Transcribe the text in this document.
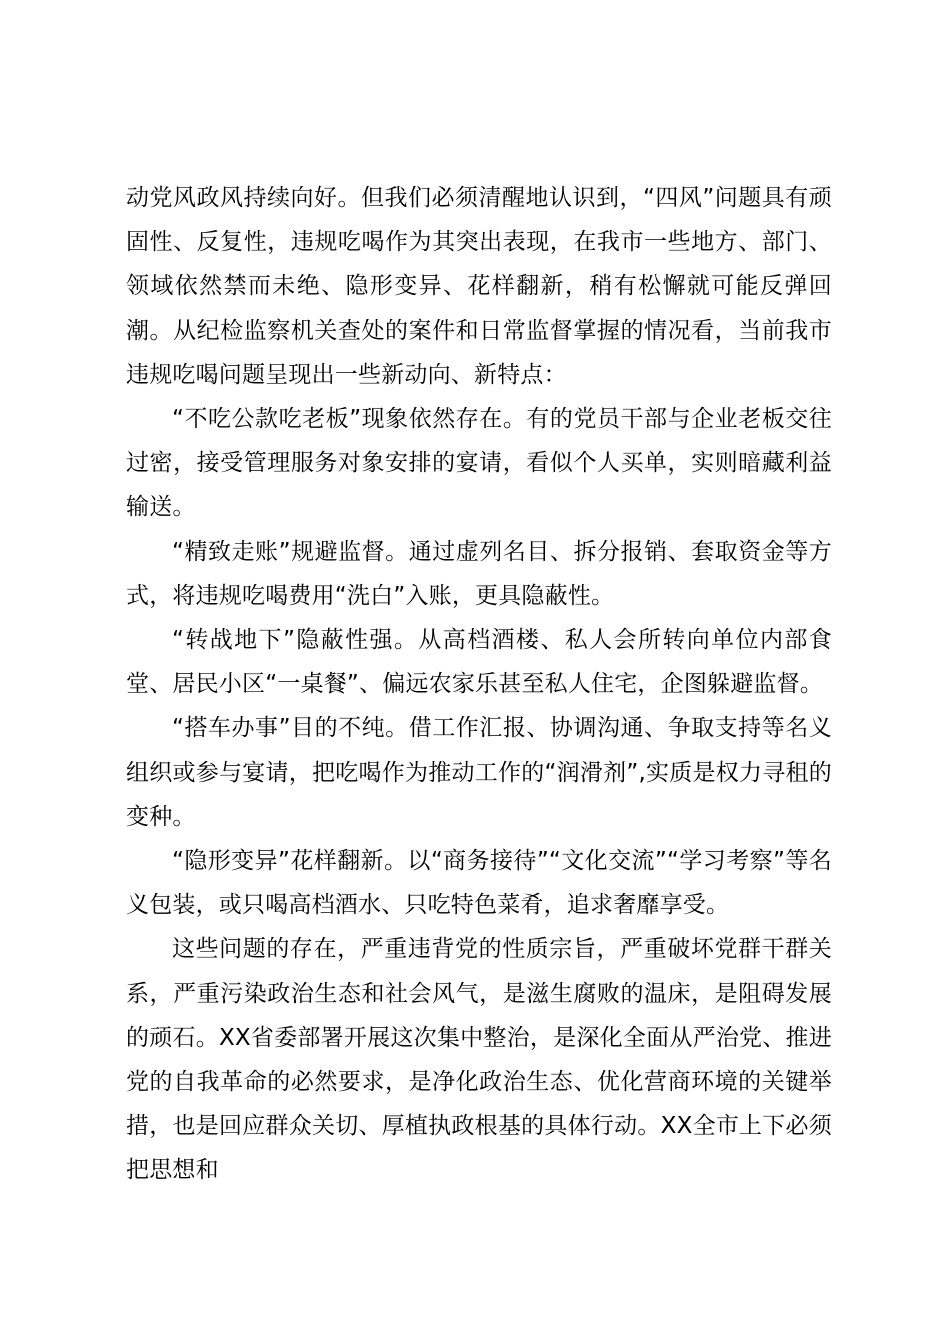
动党风政风持续向好。但我们必须清醒地认识到，“四风”问题具有顽固性、反复性，违规吃喝作为其突出表现，在我市一些地方、部门、领域依然禁而未绝、隐形变异、花样翻新，稍有松懈就可能反弹回潮。从纪检监察机关查处的案件和日常监督掌握的情况看，当前我市违规吃喝问题呈现出一些新动向、新特点：

“不吃公款吃老板”现象依然存在。有的党员干部与企业老板交往过密，接受管理服务对象安排的宴请，看似个人买单，实则暗藏利益输送。

“精致走账”规避监督。通过虚列名目、拆分报销、套取资金等方式，将违规吃喝费用“洗白”入账，更具隐蔽性。

“转战地下”隐蔽性强。从高档酒楼、私人会所转向单位内部食堂、居民小区“一桌餐”、偏远农家乐甚至私人住宅，企图躲避监督。

“搭车办事”目的不纯。借工作汇报、协调沟通、争取支持等名义组织或参与宴请，把吃喝作为推动工作的“润滑剂”,实质是权力寻租的变种。

“隐形变异”花样翻新。以“商务接待”“文化交流”“学习考察”等名义包装，或只喝高档酒水、只吃特色菜肴，追求奢靡享受。

这些问题的存在，严重违背党的性质宗旨，严重破坏党群干群关系，严重污染政治生态和社会风气，是滋生腐败的温床，是阻碍发展的顽石。XX省委部署开展这次集中整治，是深化全面从严治党、推进党的自我革命的必然要求，是净化政治生态、优化营商环境的关键举措，也是回应群众关切、厚植执政根基的具体行动。XX全市上下必须把思想和
